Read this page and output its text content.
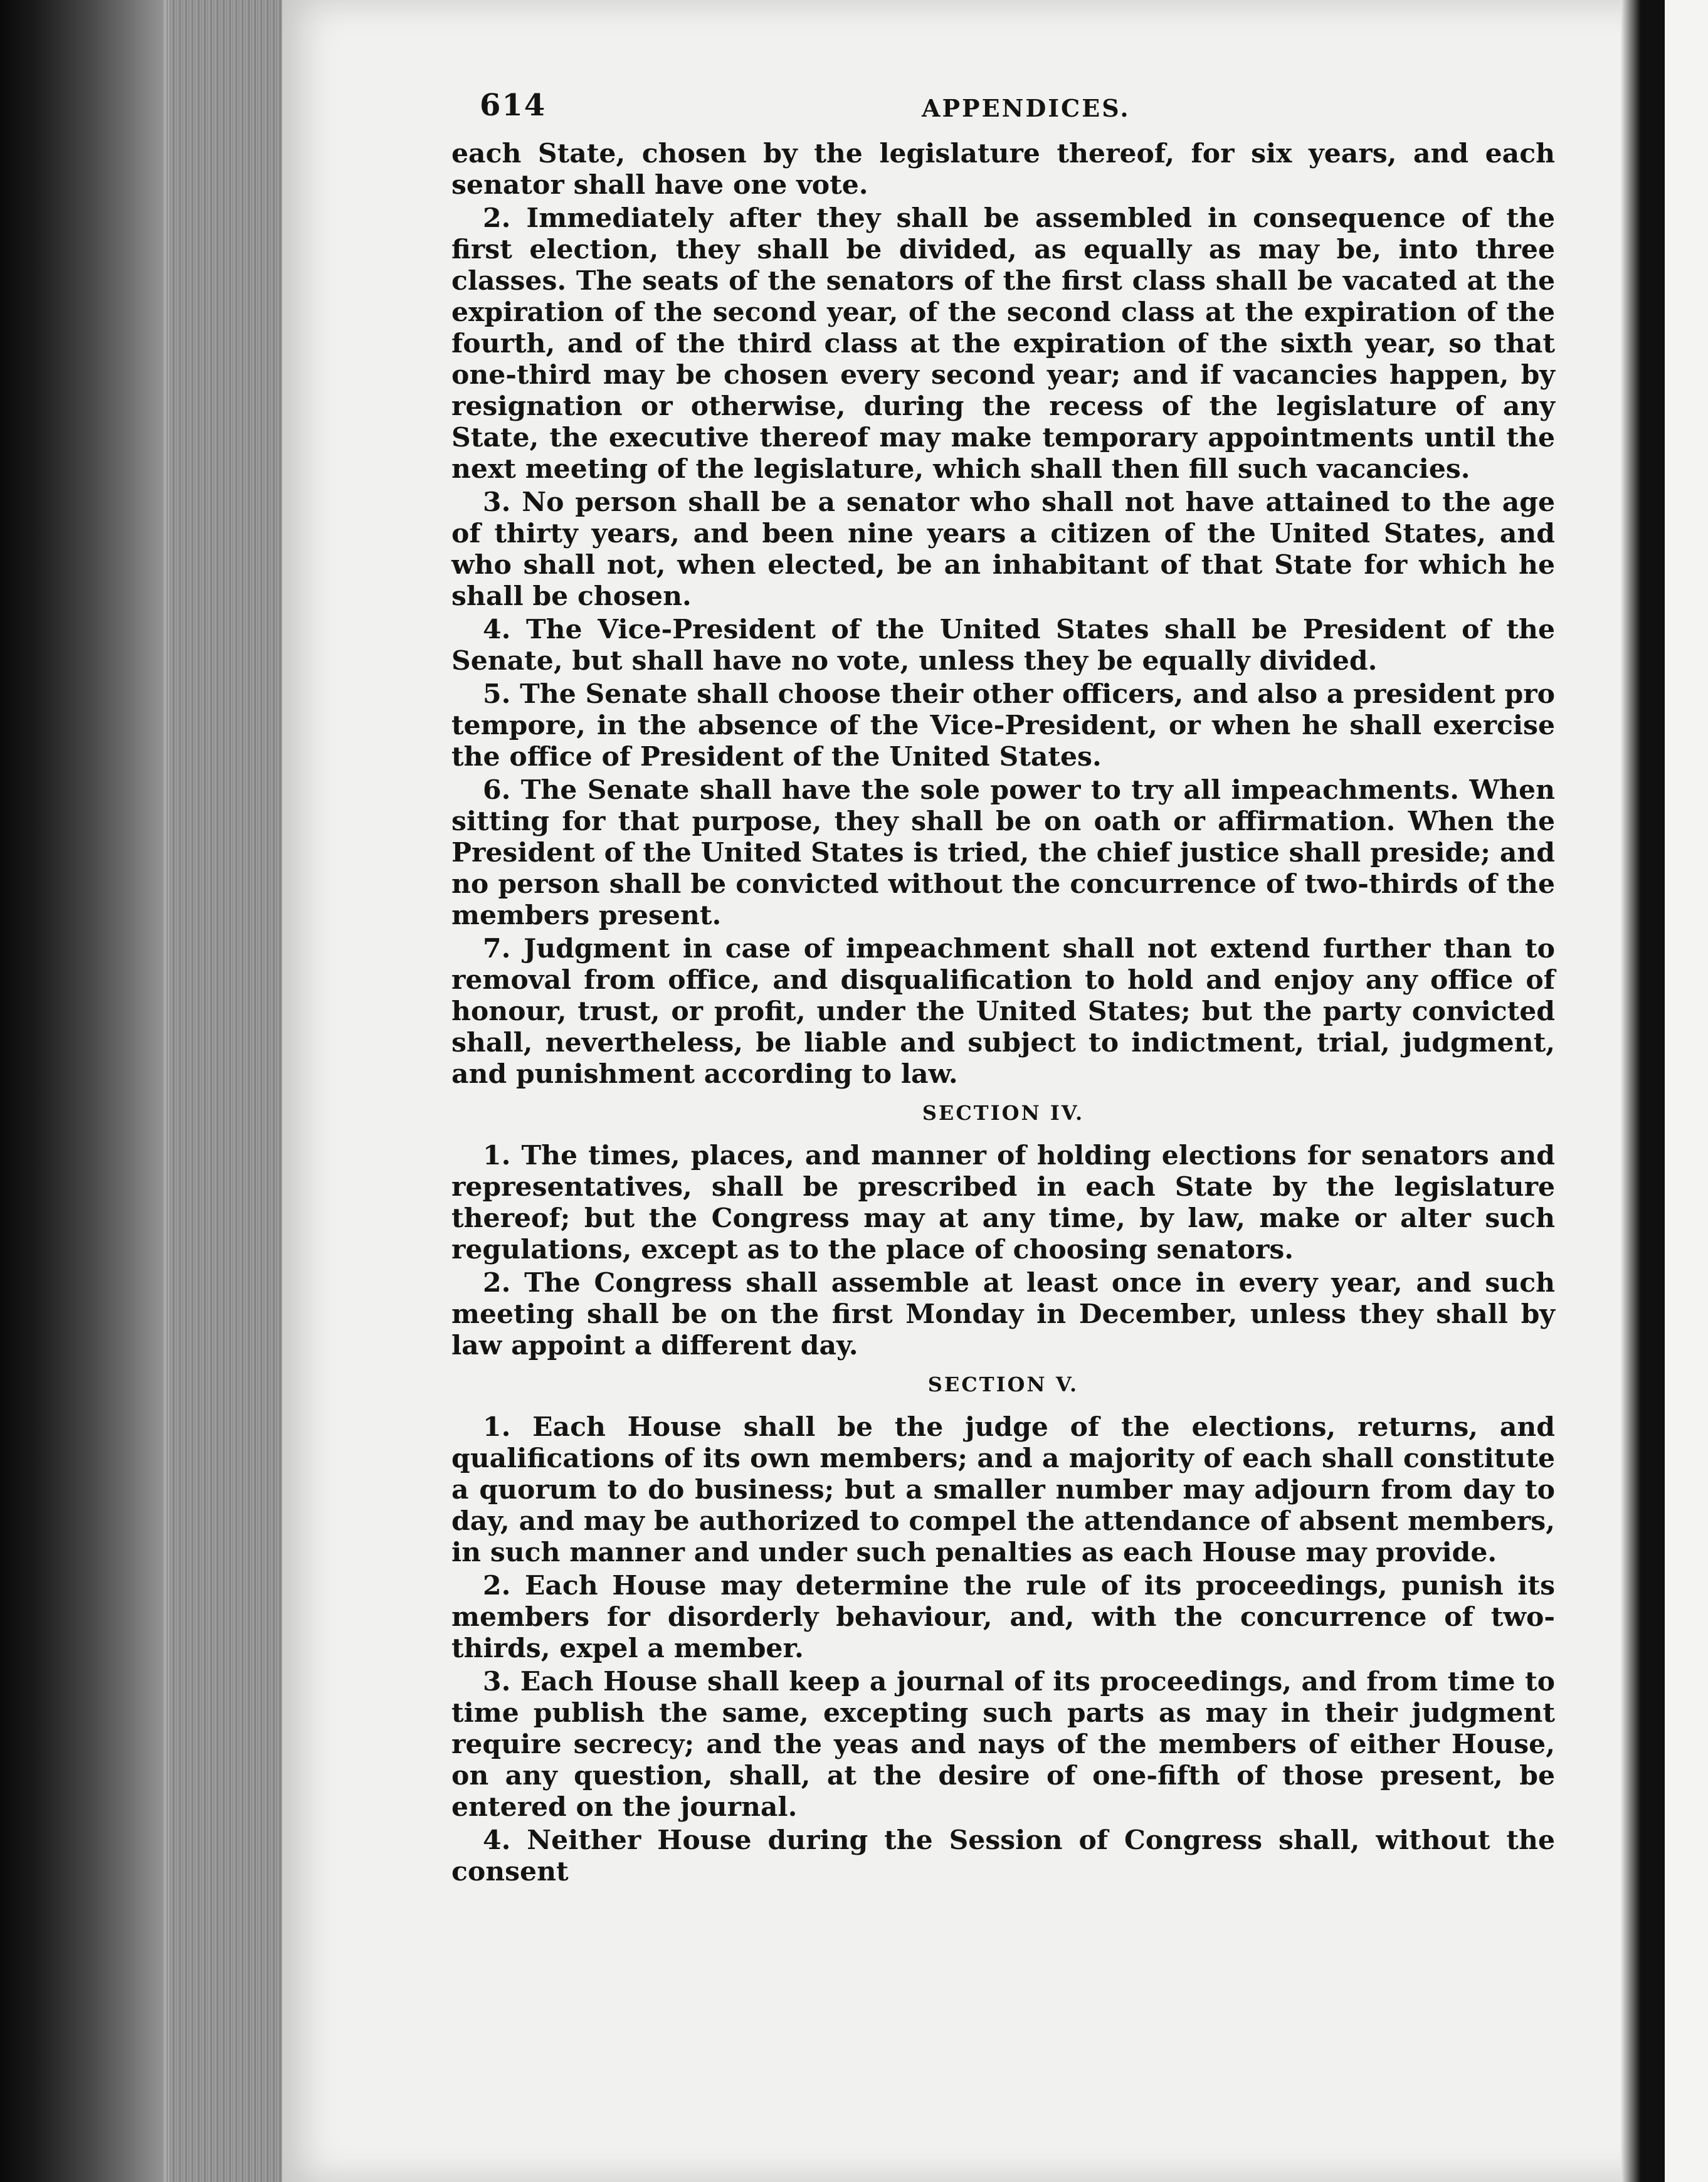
614	APPENDICES.

each State, chosen by the legislature thereof, for six years, and each senator shall have one vote.

2. Immediately after they shall be assembled in consequence of the first election, they shall be divided, as equally as may be, into three classes. The seats of the senators of the first class shall be vacated at the expiration of the second year, of the second class at the expiration of the fourth, and of the third class at the expiration of the sixth year, so that one-third may be chosen every second year; and if vacancies happen, by resignation or otherwise, during the recess of the legislature of any State, the executive thereof may make temporary appointments until the next meeting of the legislature, which shall then fill such vacancies.

3. No person shall be a senator who shall not have attained to the age of thirty years, and been nine years a citizen of the United States, and who shall not, when elected, be an inhabitant of that State for which he shall be chosen.

4. The Vice-President of the United States shall be President of the Senate, but shall have no vote, unless they be equally divided.

5. The Senate shall choose their other officers, and also a president pro tempore, in the absence of the Vice-President, or when he shall exercise the office of President of the United States.

6. The Senate shall have the sole power to try all impeachments. When sitting for that purpose, they shall be on oath or affirmation. When the President of the United States is tried, the chief justice shall preside; and no person shall be convicted without the concurrence of two-thirds of the members present.

7. Judgment in case of impeachment shall not extend further than to removal from office, and disqualification to hold and enjoy any office of honour, trust, or profit, under the United States; but the party convicted shall, nevertheless, be liable and subject to indictment, trial, judgment, and punishment according to law.

SECTION IV.

1. The times, places, and manner of holding elections for senators and representatives, shall be prescribed in each State by the legislature thereof; but the Congress may at any time, by law, make or alter such regulations, except as to the place of choosing senators.

2. The Congress shall assemble at least once in every year, and such meeting shall be on the first Monday in December, unless they shall by law appoint a different day.

SECTION V.

1. Each House shall be the judge of the elections, returns, and qualifications of its own members; and a majority of each shall constitute a quorum to do business; but a smaller number may adjourn from day to day, and may be authorized to compel the attendance of absent members, in such manner and under such penalties as each House may provide.

2. Each House may determine the rule of its proceedings, punish its members for disorderly behaviour, and, with the concurrence of two-thirds, expel a member.

3. Each House shall keep a journal of its proceedings, and from time to time publish the same, excepting such parts as may in their judgment require secrecy; and the yeas and nays of the members of either House, on any question, shall, at the desire of one-fifth of those present, be entered on the journal.

4. Neither House during the Session of Congress shall, without the consent
